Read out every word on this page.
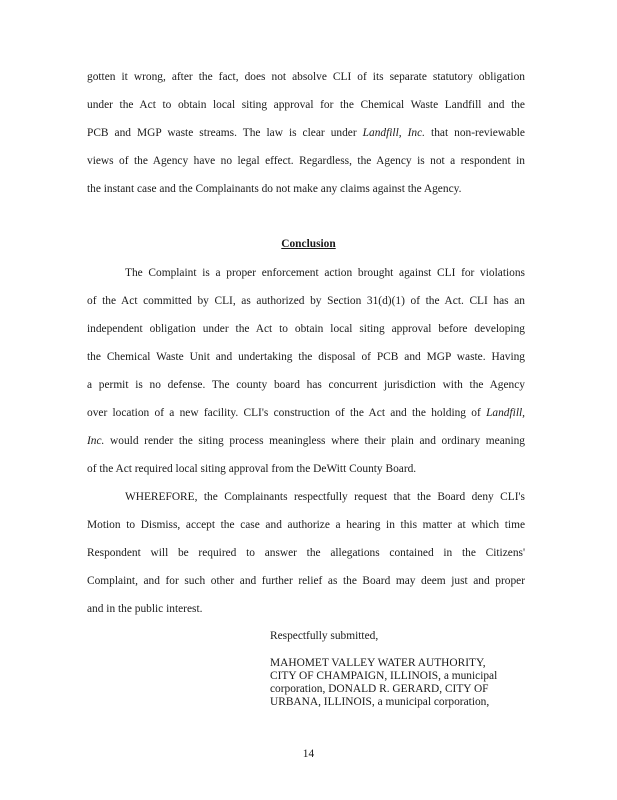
gotten it wrong, after the fact, does not absolve CLI of its separate statutory obligation
under the Act to obtain local siting approval for the Chemical Waste Landfill and the
PCB and MGP waste streams. The law is clear under Landfill, Inc. that non-reviewable
views of the Agency have no legal effect. Regardless, the Agency is not a respondent in
the instant case and the Complainants do not make any claims against the Agency.
Conclusion
The Complaint is a proper enforcement action brought against CLI for violations
of the Act committed by CLI, as authorized by Section 31(d)(1) of the Act. CLI has an
independent obligation under the Act to obtain local siting approval before developing
the Chemical Waste Unit and undertaking the disposal of PCB and MGP waste. Having
a permit is no defense. The county board has concurrent jurisdiction with the Agency
over location of a new facility. CLI's construction of the Act and the holding of Landfill,
Inc. would render the siting process meaningless where their plain and ordinary meaning
of the Act required local siting approval from the DeWitt County Board.
WHEREFORE, the Complainants respectfully request that the Board deny CLI's
Motion to Dismiss, accept the case and authorize a hearing in this matter at which time
Respondent will be required to answer the allegations contained in the Citizens'
Complaint, and for such other and further relief as the Board may deem just and proper
and in the public interest.
Respectfully submitted,
MAHOMET VALLEY WATER AUTHORITY,
CITY OF CHAMPAIGN, ILLINOIS, a municipal
corporation, DONALD R. GERARD, CITY OF
URBANA, ILLINOIS, a municipal corporation,
14
